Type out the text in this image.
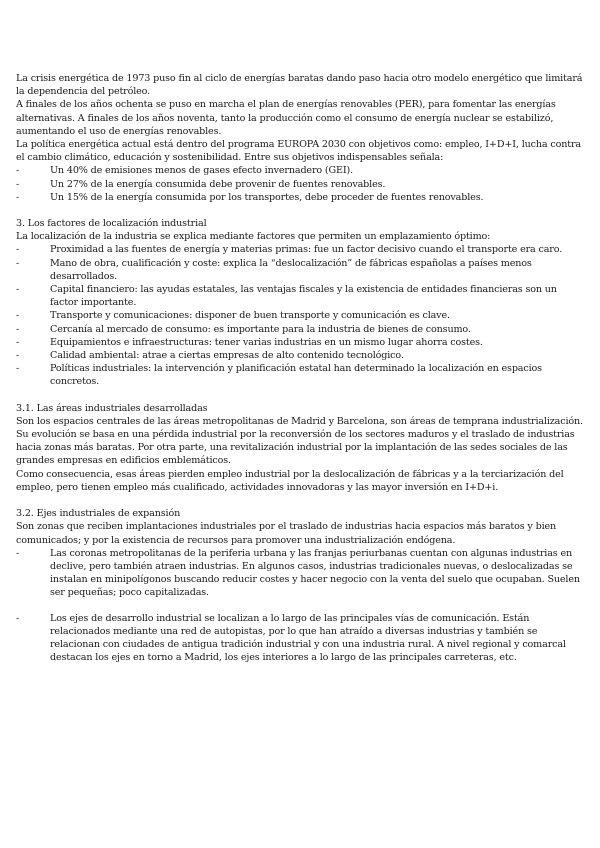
La crisis energética de 1973 puso fin al ciclo de energías baratas dando paso hacia otro modelo energético que limitará la dependencia del petróleo.

A finales de los años ochenta se puso en marcha el plan de energías renovables (PER), para fomentar las energías alternativas. A finales de los años noventa, tanto la producción como el consumo de energía nuclear se estabilizó, aumentando el uso de energías renovables.

La política energética actual está dentro del programa EUROPA 2030 con objetivos como: empleo, I+D+I, lucha contra el cambio climático, educación y sostenibilidad. Entre sus objetivos indispensables señala:

-	Un 40% de emisiones menos de gases efecto invernadero (GEI).

-	Un 27% de la energía consumida debe provenir de fuentes renovables.

-	Un 15% de la energía consumida por los transportes, debe proceder de fuentes renovables.

3. Los factores de localización industrial

La localización de la industria se explica mediante factores que permiten un emplazamiento óptimo:

-	Proximidad a las fuentes de energía y materias primas: fue un factor decisivo cuando el transporte era caro.

-	Mano de obra, cualificación y coste: explica la “deslocalización” de fábricas españolas a países menos desarrollados.

-	Capital financiero: las ayudas estatales, las ventajas fiscales y la existencia de entidades financieras son un factor importante.

-	Transporte y comunicaciones: disponer de buen transporte y comunicación es clave.

-	Cercanía al mercado de consumo: es importante para la industria de bienes de consumo.

-	Equipamientos e infraestructuras: tener varias industrias en un mismo lugar ahorra costes.

-	Calidad ambiental: atrae a ciertas empresas de alto contenido tecnológico.

-	Políticas industriales: la intervención y planificación estatal han determinado la localización en espacios concretos.

3.1. Las áreas industriales desarrolladas

Son los espacios centrales de las áreas metropolitanas de Madrid y Barcelona, son áreas de temprana industrialización. Su evolución se basa en una pérdida industrial por la reconversión de los sectores maduros y el traslado de industrias hacia zonas más baratas. Por otra parte, una revitalización industrial por la implantación de las sedes sociales de las grandes empresas en edificios emblemáticos.

Como consecuencia, esas áreas pierden empleo industrial por la deslocalización de fábricas y a la terciarización del empleo, pero tienen empleo más cualificado, actividades innovadoras y las mayor inversión en I+D+i.

3.2. Ejes industriales de expansión

Son zonas que reciben implantaciones industriales por el traslado de industrias hacia espacios más baratos y bien comunicados; y por la existencia de recursos para promover una industrialización endógena.

-	Las coronas metropolitanas de la periferia urbana y las franjas periurbanas cuentan con algunas industrias en declive, pero también atraen industrias. En algunos casos, industrias tradicionales nuevas, o deslocalizadas se instalan en minipolígonos buscando reducir costes y hacer negocio con la venta del suelo que ocupaban. Suelen ser pequeñas; poco capitalizadas.

-	Los ejes de desarrollo industrial se localizan a lo largo de las principales vías de comunicación. Están relacionados mediante una red de autopistas, por lo que han atraído a diversas industrias y también se relacionan con ciudades de antigua tradición industrial y con una industria rural. A nivel regional y comarcal destacan los ejes en torno a Madrid, los ejes interiores a lo largo de las principales carreteras, etc.
